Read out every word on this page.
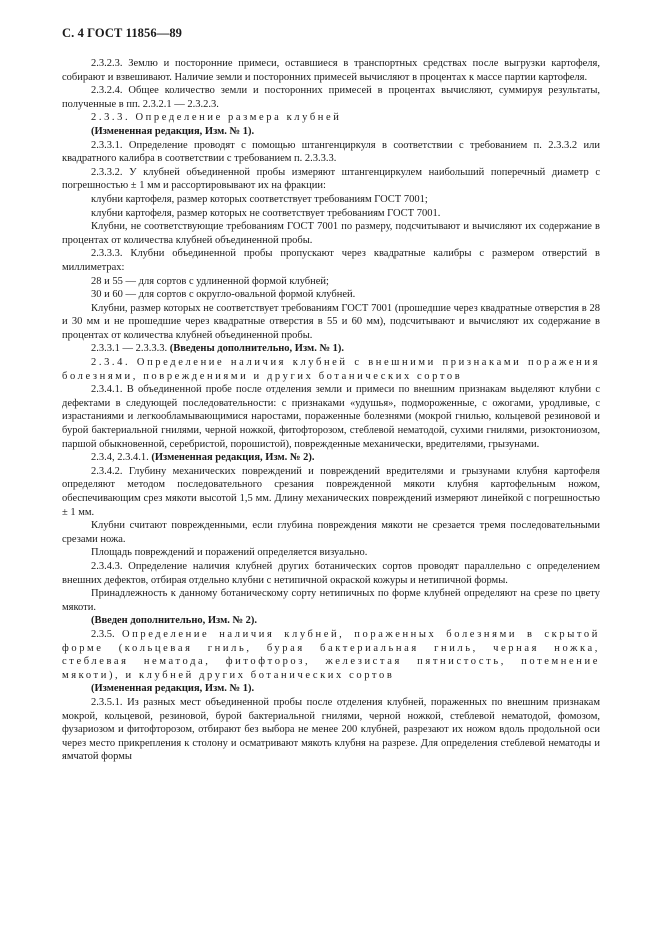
С. 4 ГОСТ 11856—89

2.3.2.3. Землю и посторонние примеси, оставшиеся в транспортных средствах после выгрузки картофеля, собирают и взвешивают. Наличие земли и посторонних примесей вычисляют в процентах к массе партии картофеля.

2.3.2.4. Общее количество земли и посторонних примесей в процентах вычисляют, суммируя результаты, полученные в пп. 2.3.2.1 — 2.3.2.3.

2.3.3. Определение размера клубней

(Измененная редакция, Изм. № 1).

2.3.3.1. Определение проводят с помощью штангенциркуля в соответствии с требованием п. 2.3.3.2 или квадратного калибра в соответствии с требованием п. 2.3.3.3.

2.3.3.2. У клубней объединенной пробы измеряют штангенциркулем наибольший поперечный диаметр с погрешностью ± 1 мм и рассортировывают их на фракции:

клубни картофеля, размер которых соответствует требованиям ГОСТ 7001;

клубни картофеля, размер которых не соответствует требованиям ГОСТ 7001.

Клубни, не соответствующие требованиям ГОСТ 7001 по размеру, подсчитывают и вычисляют их содержание в процентах от количества клубней объединенной пробы.

2.3.3.3. Клубни объединенной пробы пропускают через квадратные калибры с размером отверстий в миллиметрах:

28 и 55 — для сортов с удлиненной формой клубней;

30 и 60 — для сортов с округло-овальной формой клубней.

Клубни, размер которых не соответствует требованиям ГОСТ 7001 (прошедшие через квадратные отверстия в 28 и 30 мм и не прошедшие через квадратные отверстия в 55 и 60 мм), подсчитывают и вычисляют их содержание в процентах от количества клубней объединенной пробы.

2.3.3.1 — 2.3.3.3. (Введены дополнительно, Изм. № 1).

2.3.4. Определение наличия клубней с внешними признаками поражения болезнями, повреждениями и других ботанических сортов

2.3.4.1. В объединенной пробе после отделения земли и примеси по внешним признакам выделяют клубни с дефектами в следующей последовательности: с признаками «удушья», подмороженные, с ожогами, уродливые, с израстаниями и легкообламывающимися наростами, пораженные болезнями (мокрой гнилью, кольцевой резиновой и бурой бактериальной гнилями, черной ножкой, фитофторозом, стеблевой нематодой, сухими гнилями, ризоктониозом, паршой обыкновенной, серебристой, порошистой), поврежденные механически, вредителями, грызунами.

2.3.4, 2.3.4.1. (Измененная редакция, Изм. № 2).

2.3.4.2. Глубину механических повреждений и повреждений вредителями и грызунами клубня картофеля определяют методом последовательного срезания поврежденной мякоти клубня картофельным ножом, обеспечивающим срез мякоти высотой 1,5 мм. Длину механических повреждений измеряют линейкой с погрешностью ± 1 мм.

Клубни считают поврежденными, если глубина повреждения мякоти не срезается тремя последовательными срезами ножа.

Площадь повреждений и поражений определяется визуально.

2.3.4.3. Определение наличия клубней других ботанических сортов проводят параллельно с определением внешних дефектов, отбирая отдельно клубни с нетипичной окраской кожуры и нетипичной формы.

Принадлежность к данному ботаническому сорту нетипичных по форме клубней определяют на срезе по цвету мякоти.

(Введен дополнительно, Изм. № 2).

2.3.5. Определение наличия клубней, пораженных болезнями в скрытой форме (кольцевая гниль, бурая бактериальная гниль, черная ножка, стеблевая нематода, фитофтороз, железистая пятнистость, потемнение мякоти), и клубней других ботанических сортов

(Измененная редакция, Изм. № 1).

2.3.5.1. Из разных мест объединенной пробы после отделения клубней, пораженных по внешним признакам мокрой, кольцевой, резиновой, бурой бактериальной гнилями, черной ножкой, стеблевой нематодой, фомозом, фузариозом и фитофторозом, отбирают без выбора не менее 200 клубней, разрезают их ножом вдоль продольной оси через место прикрепления к столону и осматривают мякоть клубня на разрезе. Для определения стеблевой нематоды и ямчатой формы
